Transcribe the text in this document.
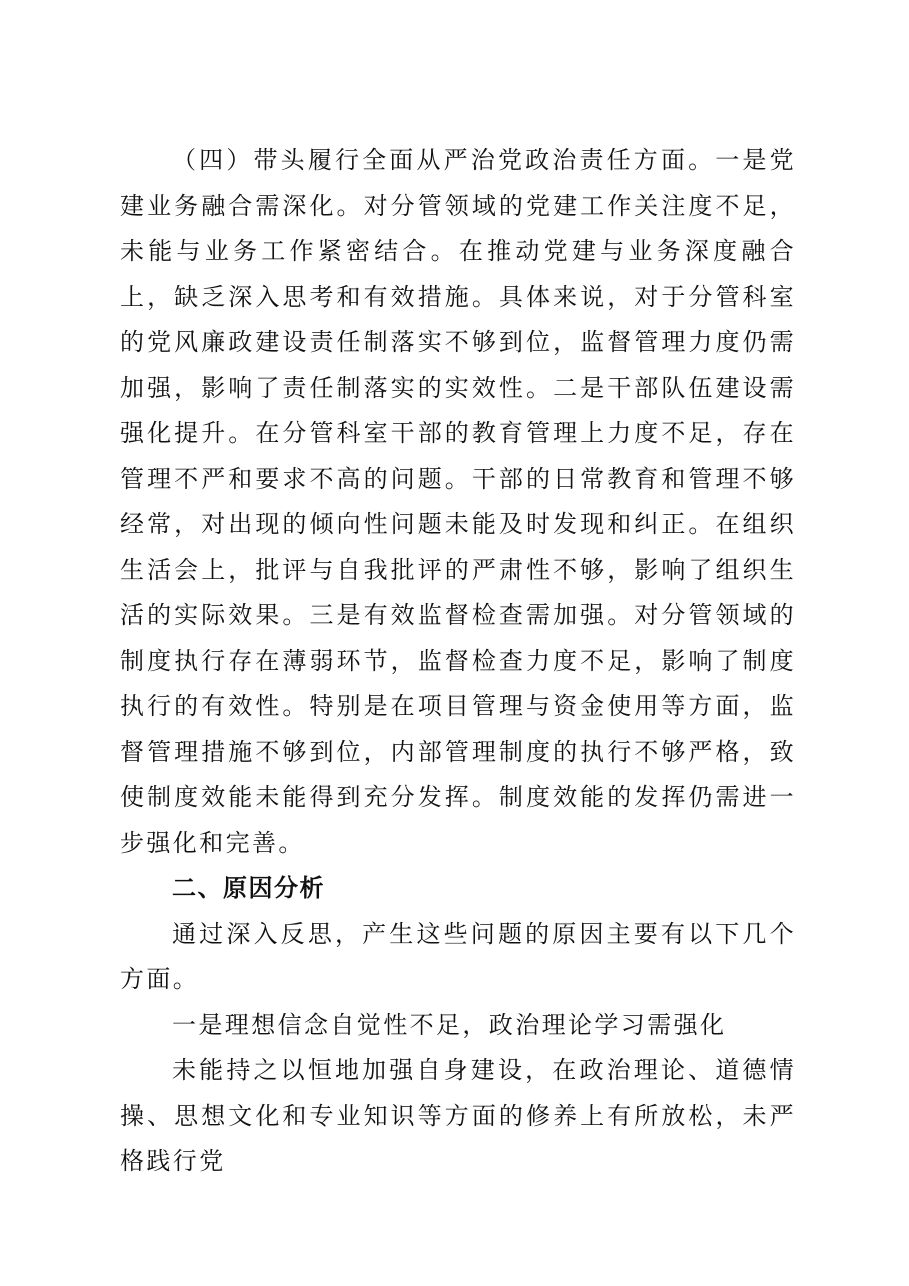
（四）带头履行全面从严治党政治责任方面。一是党建业务融合需深化。对分管领域的党建工作关注度不足，未能与业务工作紧密结合。在推动党建与业务深度融合上，缺乏深入思考和有效措施。具体来说，对于分管科室的党风廉政建设责任制落实不够到位，监督管理力度仍需加强，影响了责任制落实的实效性。二是干部队伍建设需强化提升。在分管科室干部的教育管理上力度不足，存在管理不严和要求不高的问题。干部的日常教育和管理不够经常，对出现的倾向性问题未能及时发现和纠正。在组织生活会上，批评与自我批评的严肃性不够，影响了组织生活的实际效果。三是有效监督检查需加强。对分管领域的制度执行存在薄弱环节，监督检查力度不足，影响了制度执行的有效性。特别是在项目管理与资金使用等方面，监督管理措施不够到位，内部管理制度的执行不够严格，致使制度效能未能得到充分发挥。制度效能的发挥仍需进一步强化和完善。

二、原因分析

通过深入反思，产生这些问题的原因主要有以下几个方面。

一是理想信念自觉性不足，政治理论学习需强化

未能持之以恒地加强自身建设，在政治理论、道德情操、思想文化和专业知识等方面的修养上有所放松，未严格践行党
